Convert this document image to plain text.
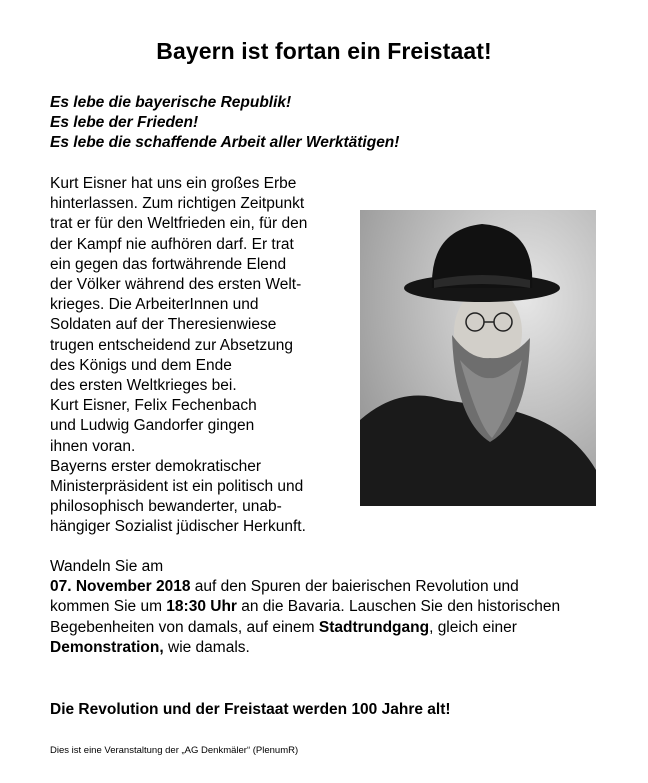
Bayern ist fortan ein Freistaat!
Es lebe die bayerische Republik!
Es lebe der Frieden!
Es lebe die schaffende Arbeit aller Werktätigen!
Kurt Eisner hat uns ein großes Erbe
hinterlassen. Zum richtigen Zeitpunkt
trat er für den Weltfrieden ein, für den
der Kampf nie aufhören darf. Er trat
ein gegen das fortwährende Elend
der Völker während des ersten Welt-
krieges. Die ArbeiterInnen und
Soldaten auf der Theresienwiese
trugen entscheidend zur Absetzung
des Königs und dem Ende
des ersten Weltkrieges bei.
Kurt Eisner, Felix Fechenbach
und Ludwig Gandorfer gingen
ihnen voran.
Bayerns erster demokratischer
Ministerpräsident ist ein politisch und
philosophisch bewanderter, unab-
hängiger Sozialist jüdischer Herkunft.
Wandeln Sie am
07. November 2018 auf den Spuren der baierischen Revolution und
kommen Sie um 18:30 Uhr an die Bavaria. Lauschen Sie den historischen
Begebenheiten von damals, auf einem Stadtrundgang, gleich einer
Demonstration, wie damals.
Die Revolution und der Freistaat werden 100 Jahre alt!
Dies ist eine Veranstaltung der „AG Denkmäler“ (PlenumR)
